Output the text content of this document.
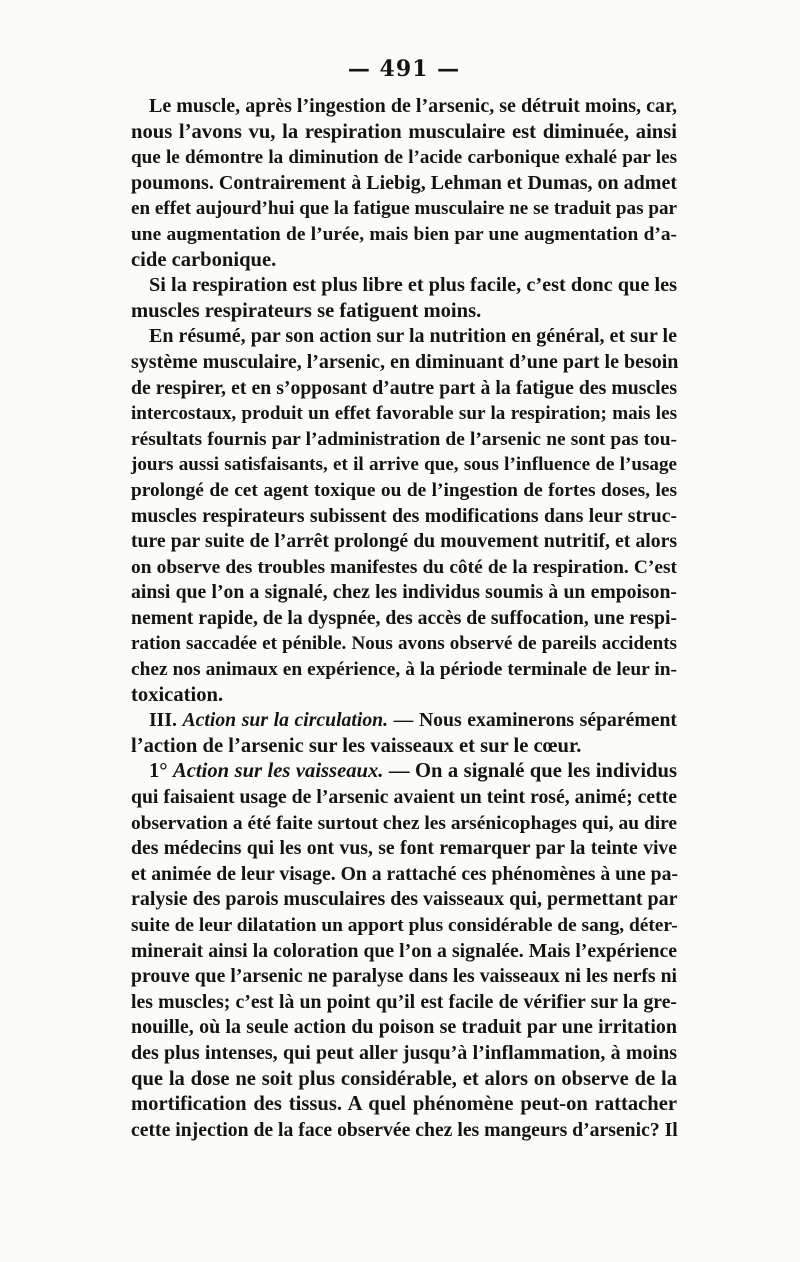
— 491 —
Le muscle, après l’ingestion de l’arsenic, se détruit moins, car,
nous l’avons vu, la respiration musculaire est diminuée, ainsi
que le démontre la diminution de l’acide carbonique exhalé par les
poumons. Contrairement à Liebig, Lehman et Dumas, on admet
en effet aujourd’hui que la fatigue musculaire ne se traduit pas par
une augmentation de l’urée, mais bien par une augmentation d’a-
cide carbonique.
Si la respiration est plus libre et plus facile, c’est donc que les
muscles respirateurs se fatiguent moins.
En résumé, par son action sur la nutrition en général, et sur le
système musculaire, l’arsenic, en diminuant d’une part le besoin
de respirer, et en s’opposant d’autre part à la fatigue des muscles
intercostaux, produit un effet favorable sur la respiration; mais les
résultats fournis par l’administration de l’arsenic ne sont pas tou-
jours aussi satisfaisants, et il arrive que, sous l’influence de l’usage
prolongé de cet agent toxique ou de l’ingestion de fortes doses, les
muscles respirateurs subissent des modifications dans leur struc-
ture par suite de l’arrêt prolongé du mouvement nutritif, et alors
on observe des troubles manifestes du côté de la respiration. C’est
ainsi que l’on a signalé, chez les individus soumis à un empoison-
nement rapide, de la dyspnée, des accès de suffocation, une respi-
ration saccadée et pénible. Nous avons observé de pareils accidents
chez nos animaux en expérience, à la période terminale de leur in-
toxication.
III. Action sur la circulation. — Nous examinerons séparément
l’action de l’arsenic sur les vaisseaux et sur le cœur.
1° Action sur les vaisseaux. — On a signalé que les individus
qui faisaient usage de l’arsenic avaient un teint rosé, animé; cette
observation a été faite surtout chez les arsénicophages qui, au dire
des médecins qui les ont vus, se font remarquer par la teinte vive
et animée de leur visage. On a rattaché ces phénomènes à une pa-
ralysie des parois musculaires des vaisseaux qui, permettant par
suite de leur dilatation un apport plus considérable de sang, déter-
minerait ainsi la coloration que l’on a signalée. Mais l’expérience
prouve que l’arsenic ne paralyse dans les vaisseaux ni les nerfs ni
les muscles; c’est là un point qu’il est facile de vérifier sur la gre-
nouille, où la seule action du poison se traduit par une irritation
des plus intenses, qui peut aller jusqu’à l’inflammation, à moins
que la dose ne soit plus considérable, et alors on observe de la
mortification des tissus. A quel phénomène peut-on rattacher
cette injection de la face observée chez les mangeurs d’arsenic? Il
